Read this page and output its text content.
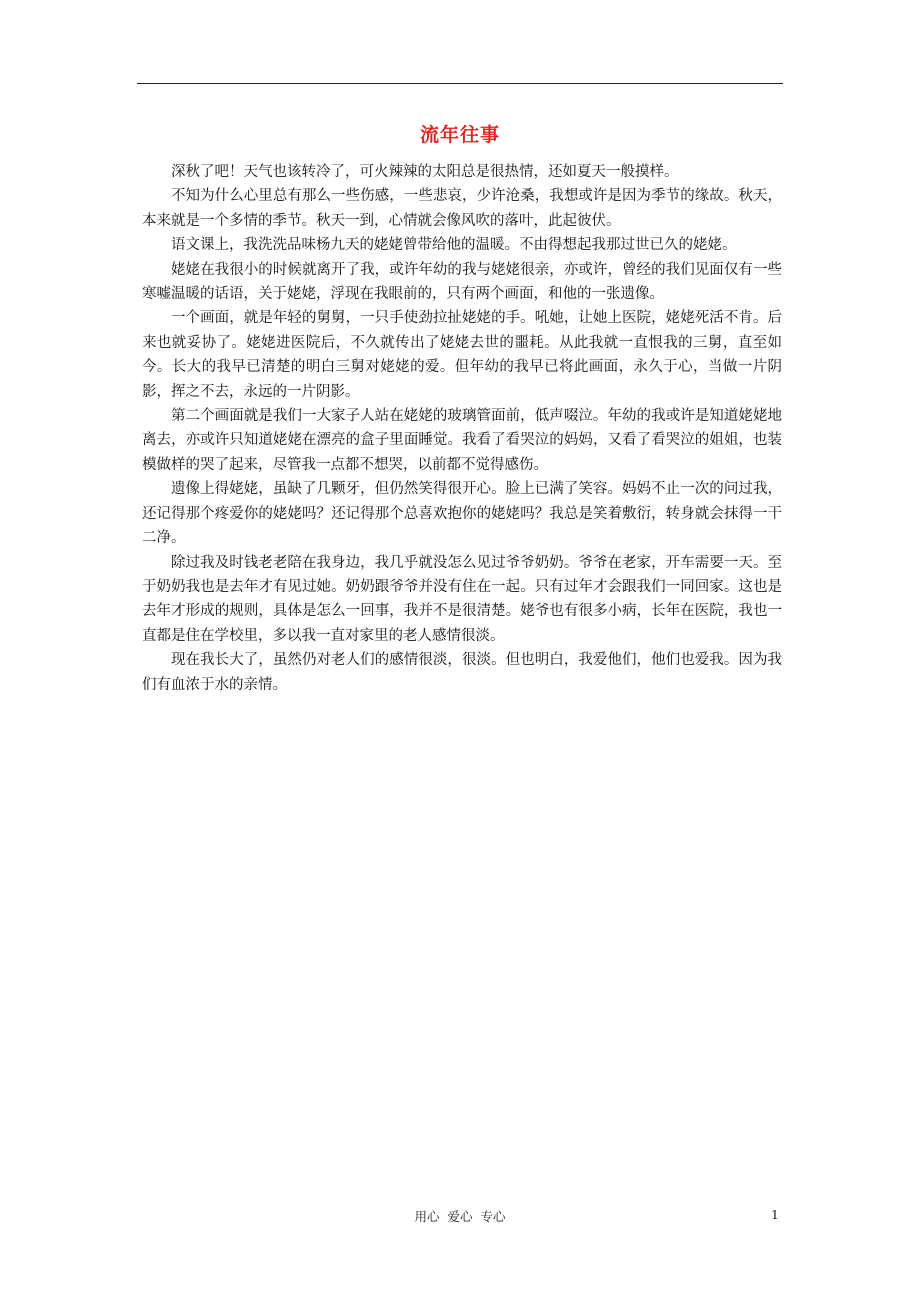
流年往事

深秋了吧！天气也该转冷了，可火辣辣的太阳总是很热情，还如夏天一般摸样。

不知为什么心里总有那么一些伤感，一些悲哀，少许沧桑，我想或许是因为季节的缘故。秋天，本来就是一个多情的季节。秋天一到，心情就会像风吹的落叶，此起彼伏。

语文课上，我洗洗品味杨九天的姥姥曾带给他的温暖。不由得想起我那过世已久的姥姥。

姥姥在我很小的时候就离开了我，或许年幼的我与姥姥很亲，亦或许，曾经的我们见面仅有一些寒嘘温暖的话语，关于姥姥，浮现在我眼前的，只有两个画面，和他的一张遗像。

一个画面，就是年轻的舅舅，一只手使劲拉扯姥姥的手。吼她，让她上医院，姥姥死活不肯。后来也就妥协了。姥姥进医院后，不久就传出了姥姥去世的噩耗。从此我就一直恨我的三舅，直至如今。长大的我早已清楚的明白三舅对姥姥的爱。但年幼的我早已将此画面，永久于心，当做一片阴影，挥之不去，永远的一片阴影。

第二个画面就是我们一大家子人站在姥姥的玻璃管面前，低声啜泣。年幼的我或许是知道姥姥地离去，亦或许只知道姥姥在漂亮的盒子里面睡觉。我看了看哭泣的妈妈，又看了看哭泣的姐姐，也装模做样的哭了起来，尽管我一点都不想哭，以前都不觉得感伤。

遗像上得姥姥，虽缺了几颗牙，但仍然笑得很开心。脸上已满了笑容。妈妈不止一次的问过我，还记得那个疼爱你的姥姥吗？还记得那个总喜欢抱你的姥姥吗？我总是笑着敷衍，转身就会抹得一干二净。

除过我及时钱老老陪在我身边，我几乎就没怎么见过爷爷奶奶。爷爷在老家，开车需要一天。至于奶奶我也是去年才有见过她。奶奶跟爷爷并没有住在一起。只有过年才会跟我们一同回家。这也是去年才形成的规则，具体是怎么一回事，我并不是很清楚。姥爷也有很多小病，长年在医院，我也一直都是住在学校里，多以我一直对家里的老人感情很淡。

现在我长大了，虽然仍对老人们的感情很淡，很淡。但也明白，我爱他们，他们也爱我。因为我们有血浓于水的亲情。

用心 爱心 专心	1
